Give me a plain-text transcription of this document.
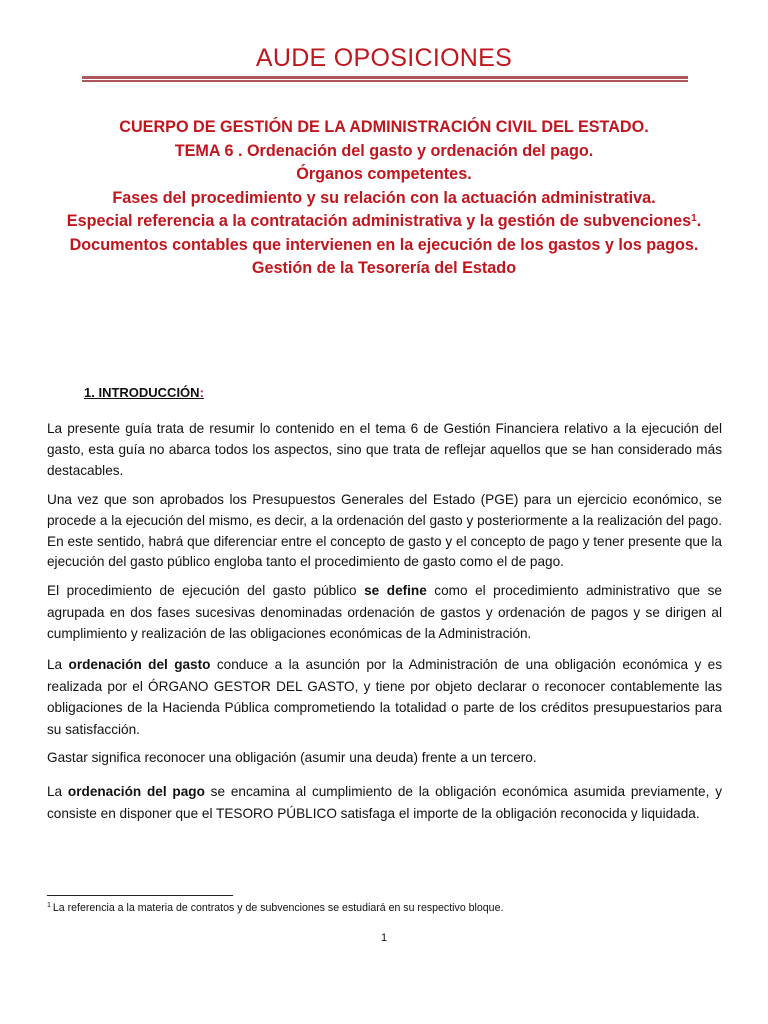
AUDE OPOSICIONES
CUERPO DE GESTIÓN DE LA ADMINISTRACIÓN CIVIL DEL ESTADO.
TEMA 6 . Ordenación del gasto y ordenación del pago.
Órganos competentes.
Fases del procedimiento y su relación con la actuación administrativa.
Especial referencia a la contratación administrativa y la gestión de subvenciones$^1$.
Documentos contables que intervienen en la ejecución de los gastos y los pagos.
Gestión de la Tesorería del Estado
1. INTRODUCCIÓN:

La presente guía trata de resumir lo contenido en el tema 6 de Gestión Financiera relativo a la ejecución del gasto, esta guía no abarca todos los aspectos, sino que trata de reflejar aquellos que se han considerado más destacables.

Una vez que son aprobados los Presupuestos Generales del Estado (PGE) para un ejercicio económico, se procede a la ejecución del mismo, es decir, a la ordenación del gasto y posteriormente a la realización del pago. En este sentido, habrá que diferenciar entre el concepto de gasto y el concepto de pago y tener presente que la ejecución del gasto público engloba tanto el procedimiento de gasto como el de pago.

El procedimiento de ejecución del gasto público se define como el procedimiento administrativo que se agrupada en dos fases sucesivas denominadas ordenación de gastos y ordenación de pagos y se dirigen al cumplimiento y realización de las obligaciones económicas de la Administración.

La ordenación del gasto conduce a la asunción por la Administración de una obligación económica y es realizada por el ÓRGANO GESTOR DEL GASTO, y tiene por objeto declarar o reconocer contablemente las obligaciones de la Hacienda Pública comprometiendo la totalidad o parte de los créditos presupuestarios para su satisfacción.

Gastar significa reconocer una obligación (asumir una deuda) frente a un tercero.

La ordenación del pago se encamina al cumplimiento de la obligación económica asumida previamente, y consiste en disponer que el TESORO PÚBLICO satisfaga el importe de la obligación reconocida y liquidada.

$^1$ La referencia a la materia de contratos y de subvenciones se estudiará en su respectivo bloque.
1
